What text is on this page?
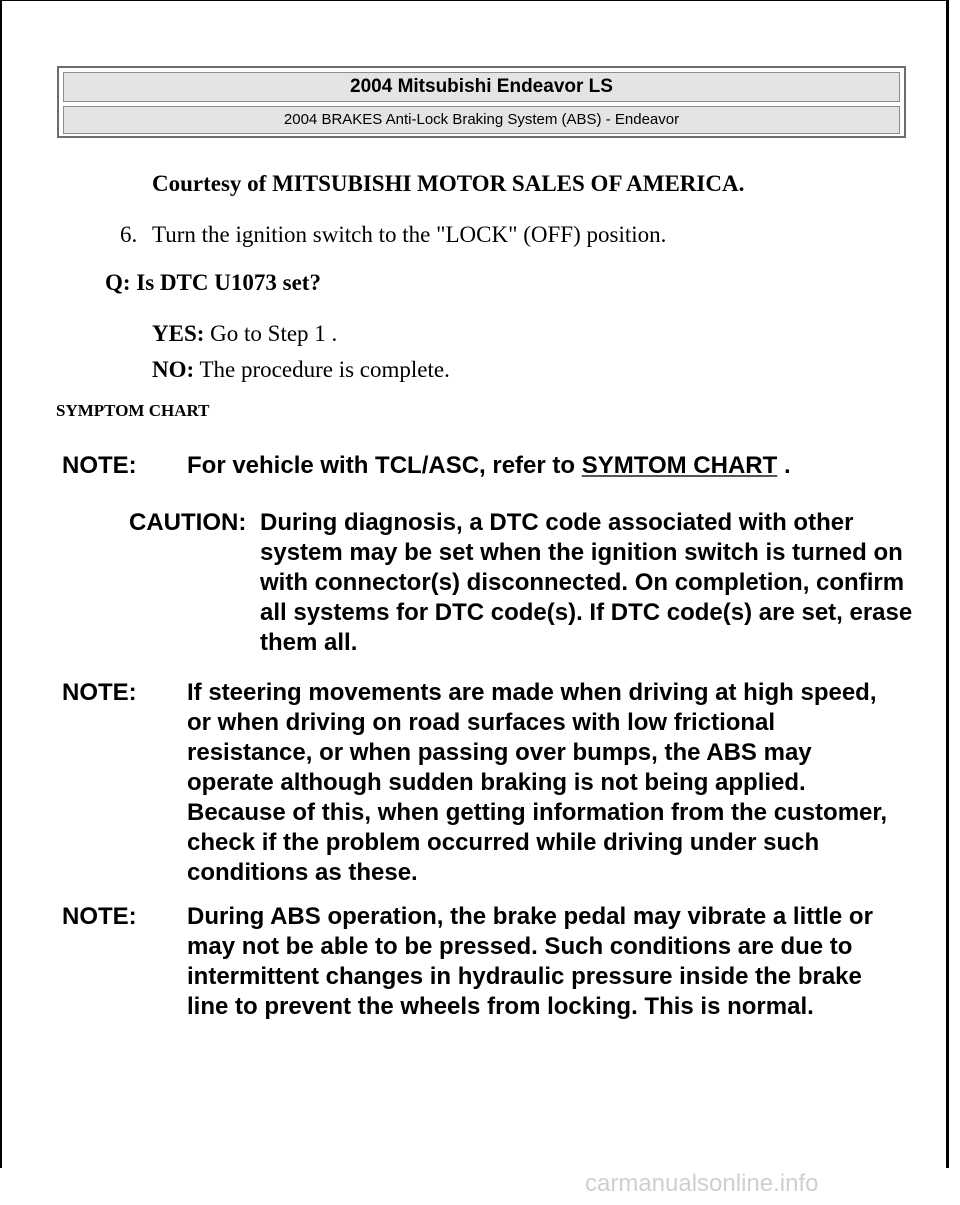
2004 Mitsubishi Endeavor LS
2004 BRAKES Anti-Lock Braking System (ABS) - Endeavor
Courtesy of MITSUBISHI MOTOR SALES OF AMERICA.
6. Turn the ignition switch to the "LOCK" (OFF) position.
Q: Is DTC U1073 set?
YES: Go to Step 1 .
NO: The procedure is complete.
SYMPTOM CHART
NOTE: For vehicle with TCL/ASC, refer to SYMTOM CHART .
CAUTION: During diagnosis, a DTC code associated with other system may be set when the ignition switch is turned on with connector(s) disconnected. On completion, confirm all systems for DTC code(s). If DTC code(s) are set, erase them all.
NOTE: If steering movements are made when driving at high speed, or when driving on road surfaces with low frictional resistance, or when passing over bumps, the ABS may operate although sudden braking is not being applied. Because of this, when getting information from the customer, check if the problem occurred while driving under such conditions as these.
NOTE: During ABS operation, the brake pedal may vibrate a little or may not be able to be pressed. Such conditions are due to intermittent changes in hydraulic pressure inside the brake line to prevent the wheels from locking. This is normal.
carmanualsonline.info
